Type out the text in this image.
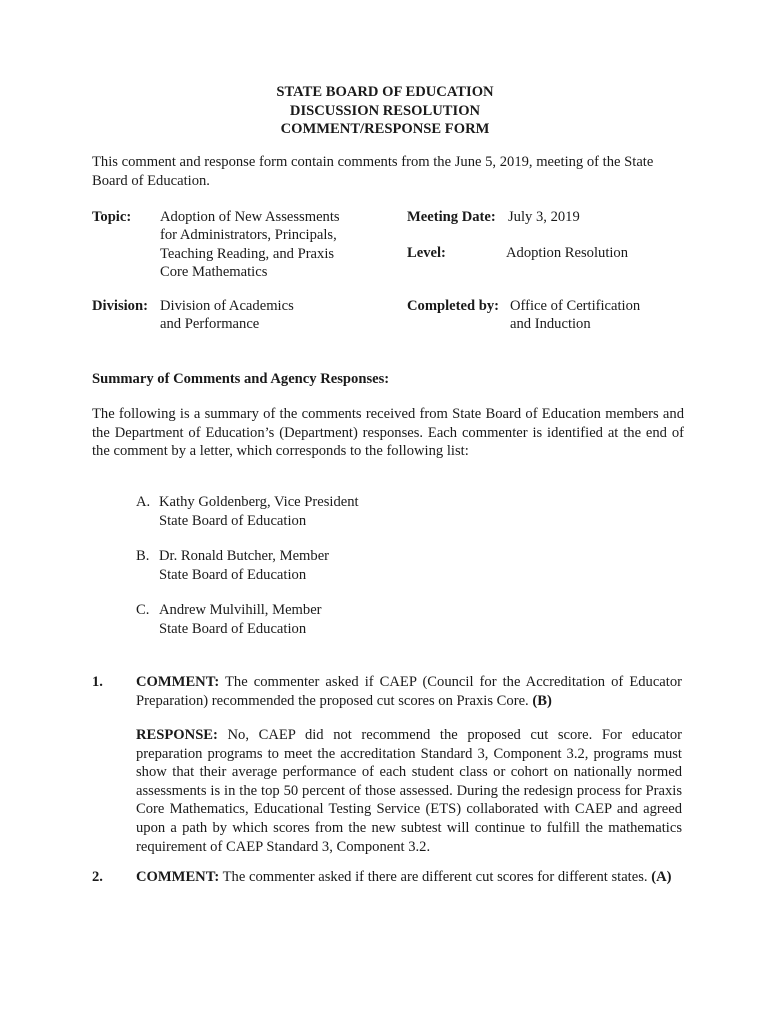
STATE BOARD OF EDUCATION
DISCUSSION RESOLUTION
COMMENT/RESPONSE FORM
This comment and response form contain comments from the June 5, 2019, meeting of the State Board of Education.
Topic: Adoption of New Assessments
for Administrators, Principals,
Teaching Reading, and Praxis
Core Mathematics
Meeting Date: July 3, 2019
Level:	Adoption Resolution
Division: Division of Academics
and Performance
Completed by: Office of Certification
and Induction
Summary of Comments and Agency Responses:
The following is a summary of the comments received from State Board of Education members and the Department of Education’s (Department) responses. Each commenter is identified at the end of the comment by a letter, which corresponds to the following list:
A. Kathy Goldenberg, Vice President
State Board of Education
B. Dr. Ronald Butcher, Member
State Board of Education
C. Andrew Mulvihill, Member
State Board of Education
1. COMMENT: The commenter asked if CAEP (Council for the Accreditation of Educator Preparation) recommended the proposed cut scores on Praxis Core. (B)
RESPONSE: No, CAEP did not recommend the proposed cut score. For educator preparation programs to meet the accreditation Standard 3, Component 3.2, programs must show that their average performance of each student class or cohort on nationally normed assessments is in the top 50 percent of those assessed. During the redesign process for Praxis Core Mathematics, Educational Testing Service (ETS) collaborated with CAEP and agreed upon a path by which scores from the new subtest will continue to fulfill the mathematics requirement of CAEP Standard 3, Component 3.2.
2. COMMENT: The commenter asked if there are different cut scores for different states. (A)
